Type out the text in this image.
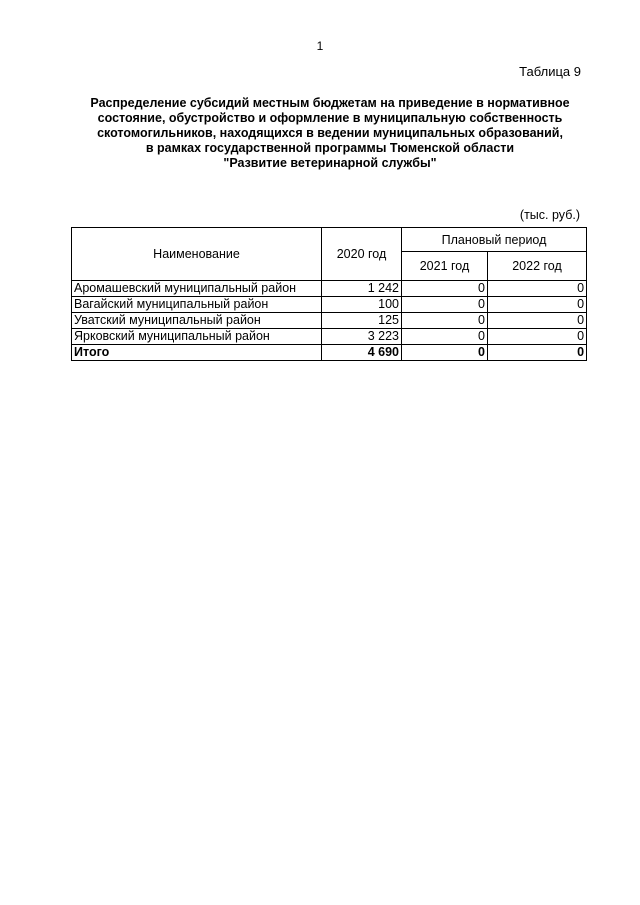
1
Таблица 9
Распределение субсидий местным бюджетам на приведение в нормативное
состояние, обустройство и оформление в муниципальную собственность
скотомогильников, находящихся в ведении муниципальных образований,
в рамках государственной программы Тюменской области
"Развитие ветеринарной службы"
(тыс. руб.)
Наименование	2020 год	Плановый период	
		2021 год	2022 год
Аромашевский муниципальный район	1 242	0	0
Вагайский муниципальный район	100	0	0
Уватский муниципальный район	125	0	0
Ярковский муниципальный район	3 223	0	0
Итого	4 690	0	0
